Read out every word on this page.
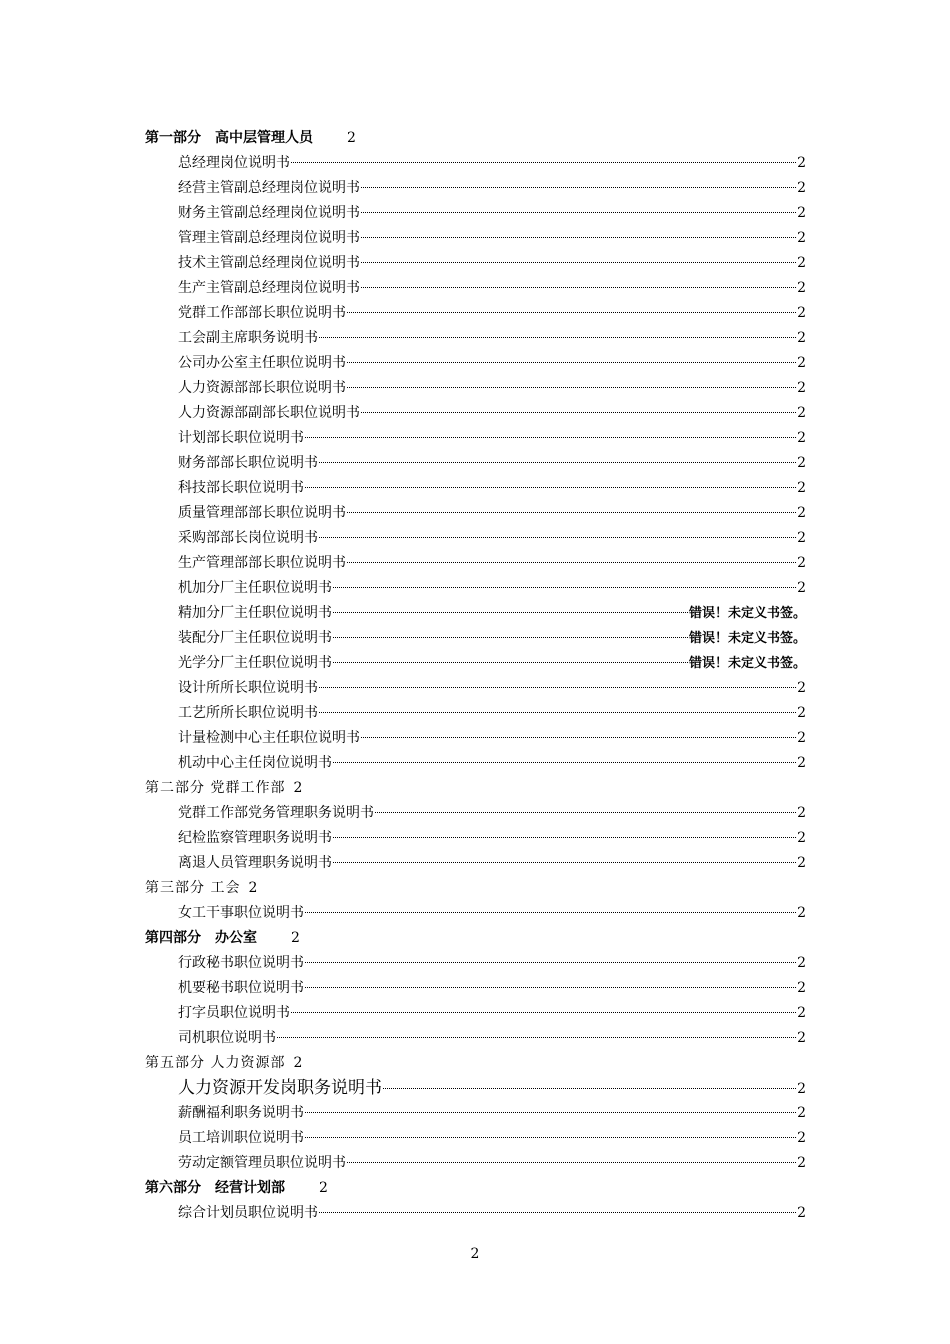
第一部分　高中层管理人员 2
总经理岗位说明书	2
经营主管副总经理岗位说明书	2
财务主管副总经理岗位说明书	2
管理主管副总经理岗位说明书	2
技术主管副总经理岗位说明书	2
生产主管副总经理岗位说明书	2
党群工作部部长职位说明书	2
工会副主席职务说明书	2
公司办公室主任职位说明书	2
人力资源部部长职位说明书	2
人力资源部副部长职位说明书	2
计划部长职位说明书	2
财务部部长职位说明书	2
科技部长职位说明书	2
质量管理部部长职位说明书	2
采购部部长岗位说明书	2
生产管理部部长职位说明书	2
机加分厂主任职位说明书	2
精加分厂主任职位说明书	错误！未定义书签。
装配分厂主任职位说明书	错误！未定义书签。
光学分厂主任职位说明书	错误！未定义书签。
设计所所长职位说明书	2
工艺所所长职位说明书	2
计量检测中心主任职位说明书	2
机动中心主任岗位说明书	2
第二部分 党群工作部 2
党群工作部党务管理职务说明书	2
纪检监察管理职务说明书	2
离退人员管理职务说明书	2
第三部分 工会 2
女工干事职位说明书	2
第四部分　办公室 2
行政秘书职位说明书	2
机要秘书职位说明书	2
打字员职位说明书	2
司机职位说明书	2
第五部分 人力资源部 2
人力资源开发岗职务说明书	2
薪酬福利职务说明书	2
员工培训职位说明书	2
劳动定额管理员职位说明书	2
第六部分　经营计划部 2
综合计划员职位说明书	2
2
